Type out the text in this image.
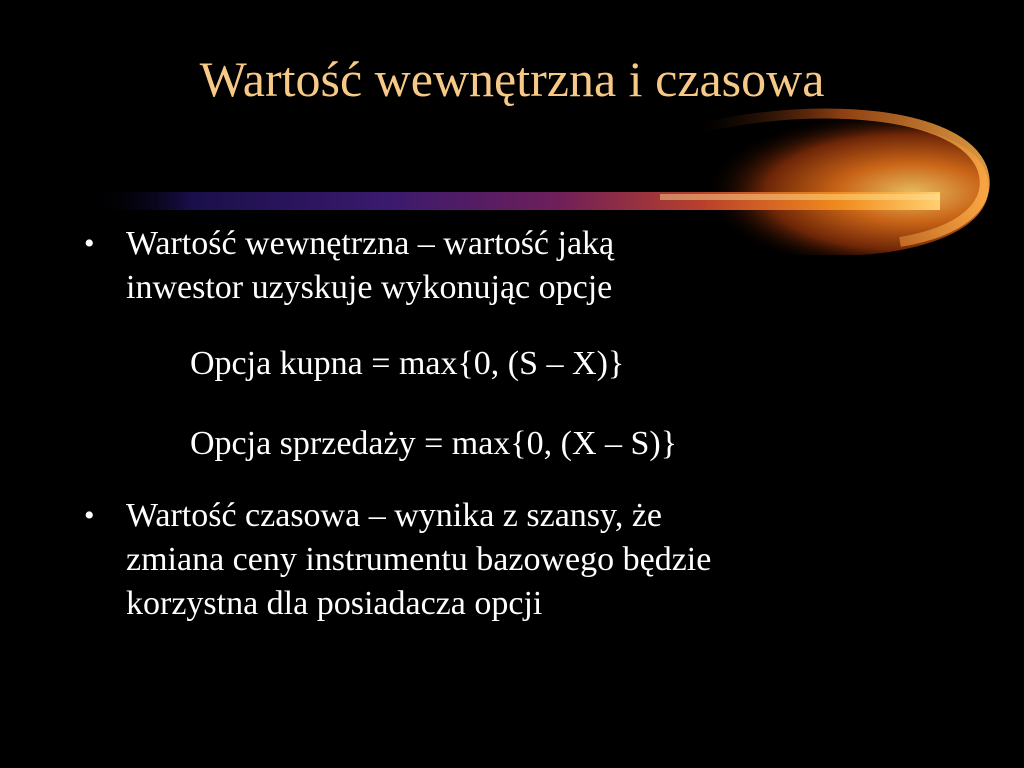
Wartość wewnętrzna i czasowa
• Wartość wewnętrzna – wartość jaką
inwestor uzyskuje wykonując opcje
Opcja kupna = max{0, (S – X)}
Opcja sprzedaży = max{0, (X – S)}
• Wartość czasowa – wynika z szansy, że
zmiana ceny instrumentu bazowego będzie
korzystna dla posiadacza opcji
